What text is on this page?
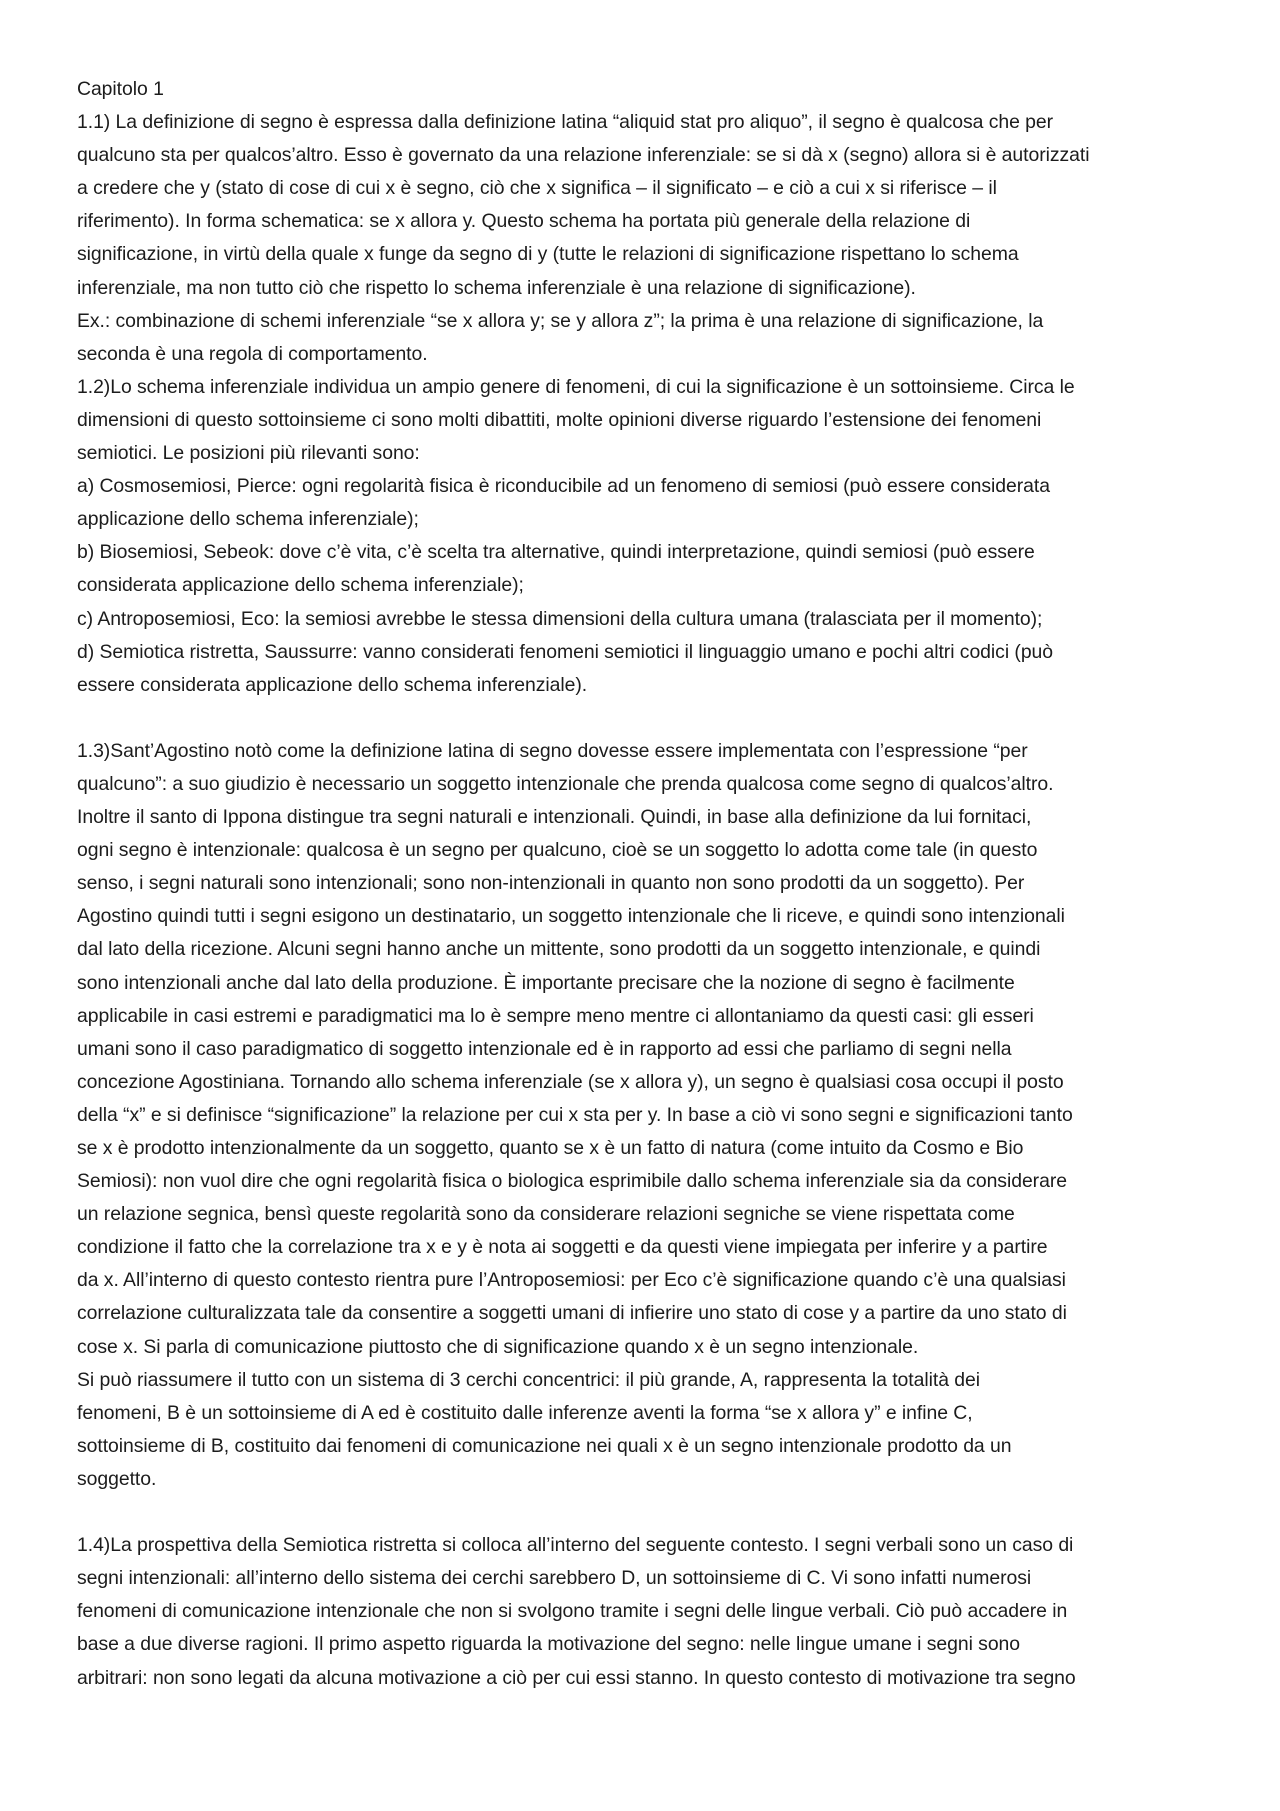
Capitolo 1
1.1) La definizione di segno è espressa dalla definizione latina “aliquid stat pro aliquo”, il segno è qualcosa che per
qualcuno sta per qualcos’altro. Esso è governato da una relazione inferenziale: se si dà x (segno) allora si è autorizzati
a credere che y (stato di cose di cui x è segno, ciò che x significa – il significato – e ciò a cui x si riferisce – il
riferimento). In forma schematica: se x allora y. Questo schema ha portata più generale della relazione di
significazione, in virtù della quale x funge da segno di y (tutte le relazioni di significazione rispettano lo schema
inferenziale, ma non tutto ciò che rispetto lo schema inferenziale è una relazione di significazione).
Ex.: combinazione di schemi inferenziale “se x allora y; se y allora z”; la prima è una relazione di significazione, la
seconda è una regola di comportamento.
1.2)Lo schema inferenziale individua un ampio genere di fenomeni, di cui la significazione è un sottoinsieme. Circa le
dimensioni di questo sottoinsieme ci sono molti dibattiti, molte opinioni diverse riguardo l’estensione dei fenomeni
semiotici. Le posizioni più rilevanti sono:
a) Cosmosemiosi, Pierce: ogni regolarità fisica è riconducibile ad un fenomeno di semiosi (può essere considerata
applicazione dello schema inferenziale);
b) Biosemiosi, Sebeok: dove c’è vita, c’è scelta tra alternative, quindi interpretazione, quindi semiosi (può essere
considerata applicazione dello schema inferenziale);
c) Antroposemiosi, Eco: la semiosi avrebbe le stessa dimensioni della cultura umana (tralasciata per il momento);
d) Semiotica ristretta, Saussurre: vanno considerati fenomeni semiotici il linguaggio umano e pochi altri codici (può
essere considerata applicazione dello schema inferenziale).
1.3)Sant’Agostino notò come la definizione latina di segno dovesse essere implementata con l’espressione “per
qualcuno”: a suo giudizio è necessario un soggetto intenzionale che prenda qualcosa come segno di qualcos’altro.
Inoltre il santo di Ippona distingue tra segni naturali e intenzionali. Quindi, in base alla definizione da lui fornitaci,
ogni segno è intenzionale: qualcosa è un segno per qualcuno, cioè se un soggetto lo adotta come tale (in questo
senso, i segni naturali sono intenzionali; sono non-intenzionali in quanto non sono prodotti da un soggetto). Per
Agostino quindi tutti i segni esigono un destinatario, un soggetto intenzionale che li riceve, e quindi sono intenzionali
dal lato della ricezione. Alcuni segni hanno anche un mittente, sono prodotti da un soggetto intenzionale, e quindi
sono intenzionali anche dal lato della produzione. È importante precisare che la nozione di segno è facilmente
applicabile in casi estremi e paradigmatici ma lo è sempre meno mentre ci allontaniamo da questi casi: gli esseri
umani sono il caso paradigmatico di soggetto intenzionale ed è in rapporto ad essi che parliamo di segni nella
concezione Agostiniana. Tornando allo schema inferenziale (se x allora y), un segno è qualsiasi cosa occupi il posto
della “x” e si definisce “significazione” la relazione per cui x sta per y. In base a ciò vi sono segni e significazioni tanto
se x è prodotto intenzionalmente da un soggetto, quanto se x è un fatto di natura (come intuito da Cosmo e Bio
Semiosi): non vuol dire che ogni regolarità fisica o biologica esprimibile dallo schema inferenziale sia da considerare
un relazione segnica, bensì queste regolarità sono da considerare relazioni segniche se viene rispettata come
condizione il fatto che la correlazione tra x e y è nota ai soggetti e da questi viene impiegata per inferire y a partire
da x. All’interno di questo contesto rientra pure l’Antroposemiosi: per Eco c’è significazione quando c’è una qualsiasi
correlazione culturalizzata tale da consentire a soggetti umani di infierire uno stato di cose y a partire da uno stato di
cose x. Si parla di comunicazione piuttosto che di significazione quando x è un segno intenzionale.
Si può riassumere il tutto con un sistema di 3 cerchi concentrici: il più grande, A, rappresenta la totalità dei
fenomeni, B è un sottoinsieme di A ed è costituito dalle inferenze aventi la forma “se x allora y” e infine C,
sottoinsieme di B, costituito dai fenomeni di comunicazione nei quali x è un segno intenzionale prodotto da un
soggetto.
1.4)La prospettiva della Semiotica ristretta si colloca all’interno del seguente contesto. I segni verbali sono un caso di
segni intenzionali: all’interno dello sistema dei cerchi sarebbero D, un sottoinsieme di C. Vi sono infatti numerosi
fenomeni di comunicazione intenzionale che non si svolgono tramite i segni delle lingue verbali. Ciò può accadere in
base a due diverse ragioni. Il primo aspetto riguarda la motivazione del segno: nelle lingue umane i segni sono
arbitrari: non sono legati da alcuna motivazione a ciò per cui essi stanno. In questo contesto di motivazione tra segno
